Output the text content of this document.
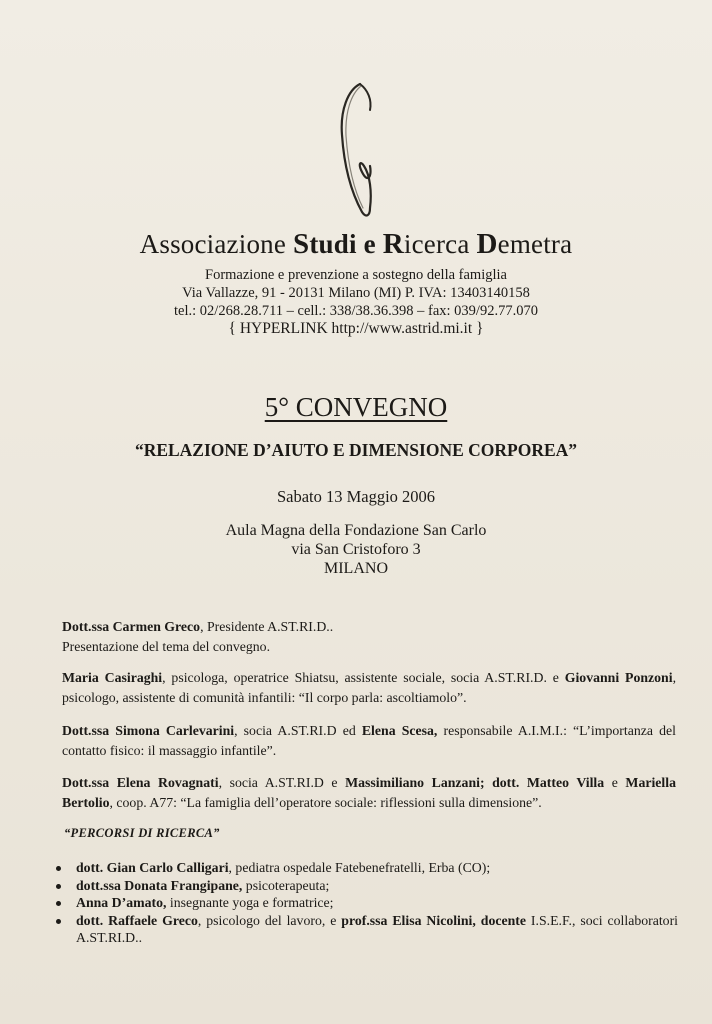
Associazione Studi e Ricerca Demetra
Formazione e prevenzione a sostegno della famiglia
Via Vallazze, 91 - 20131 Milano (MI) P. IVA: 13403140158
tel.: 02/268.28.711 – cell.: 338/38.36.398 – fax: 039/92.77.070
{ HYPERLINK http://www.astrid.mi.it }
5° CONVEGNO
“RELAZIONE D’AIUTO E DIMENSIONE CORPOREA”
Sabato 13 Maggio 2006
Aula Magna della Fondazione San Carlo
via San Cristoforo 3
MILANO
Dott.ssa Carmen Greco, Presidente A.ST.RI.D..
Presentazione del tema del convegno.
Maria Casiraghi, psicologa, operatrice Shiatsu, assistente sociale, socia A.ST.RI.D. e Giovanni Ponzoni, psicologo, assistente di comunità infantili: “Il corpo parla: ascoltiamolo”.
Dott.ssa Simona Carlevarini, socia A.ST.RI.D ed Elena Scesa, responsabile A.I.M.I.: “L’importanza del contatto fisico: il massaggio infantile”.
Dott.ssa Elena Rovagnati, socia A.ST.RI.D e Massimiliano Lanzani; dott. Matteo Villa e Mariella Bertolio, coop. A77: “La famiglia dell’operatore sociale: riflessioni sulla dimensione”.
“PERCORSI DI RICERCA”
dott. Gian Carlo Calligari, pediatra ospedale Fatebenefratelli, Erba (CO);
dott.ssa Donata Frangipane, psicoterapeuta;
Anna D’amato, insegnante yoga e formatrice;
dott. Raffaele Greco, psicologo del lavoro, e prof.ssa Elisa Nicolini, docente I.S.E.F., soci collaboratori A.ST.RI.D..
